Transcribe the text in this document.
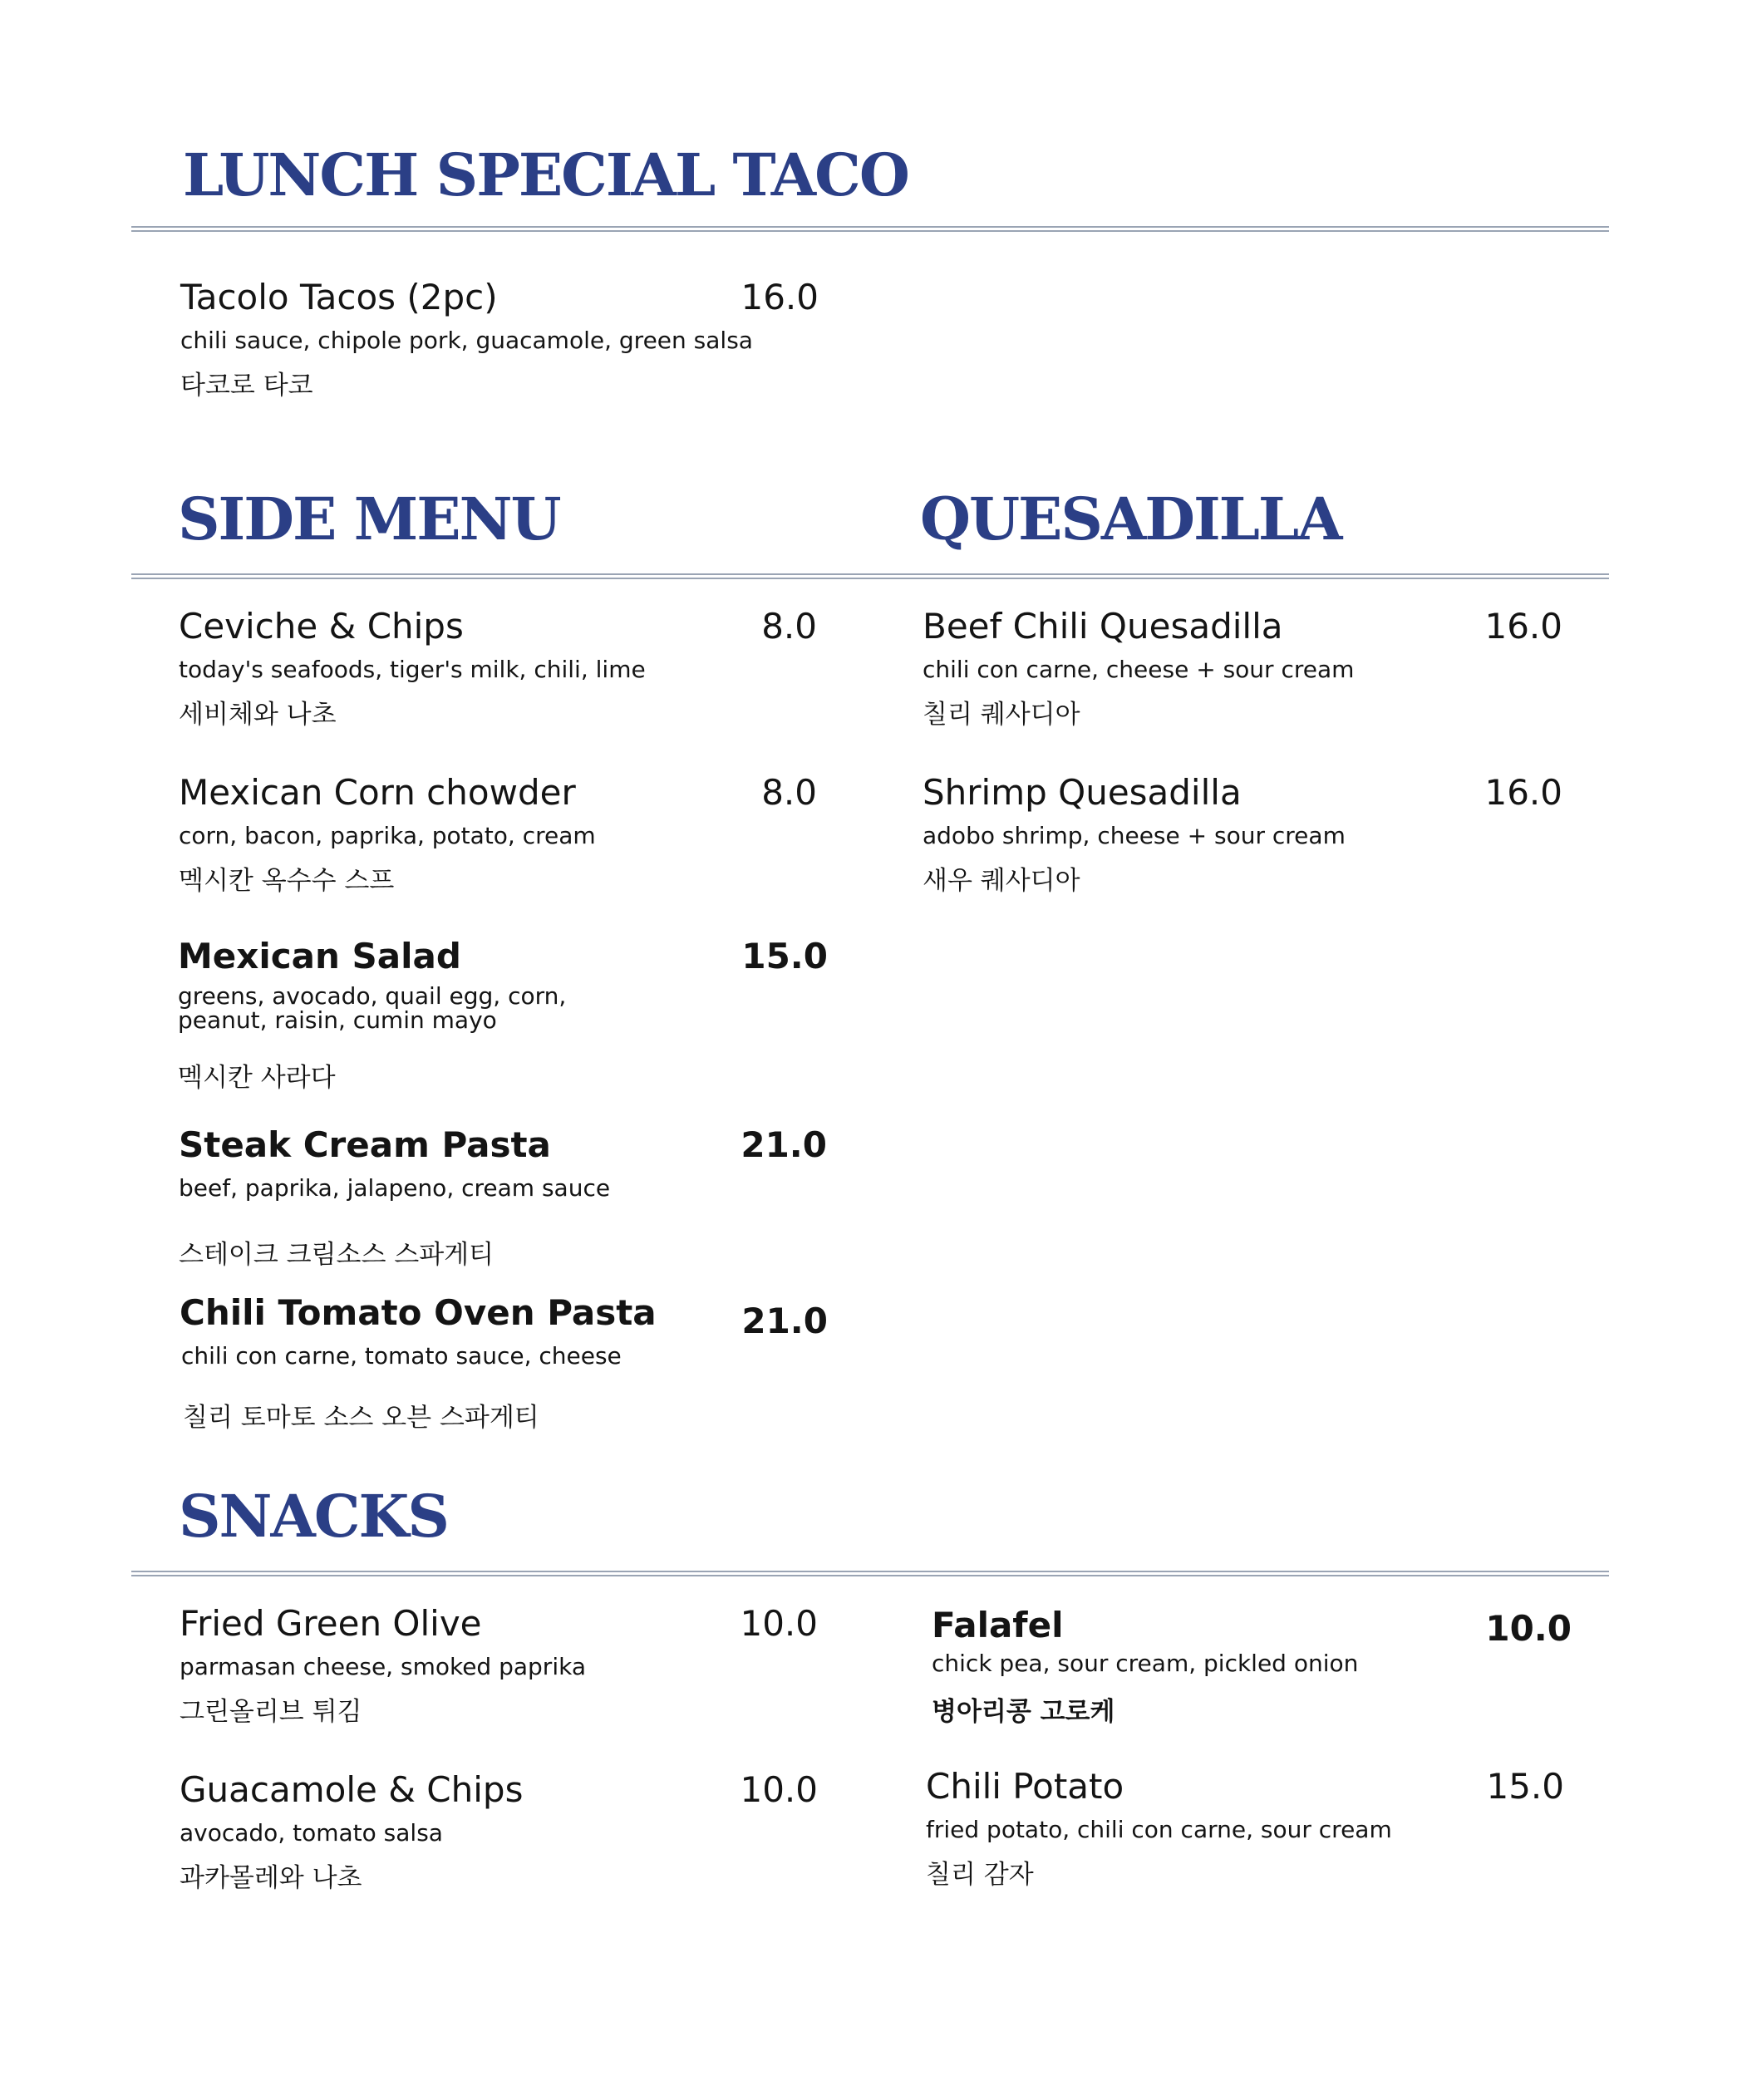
LUNCH SPECIAL TACO
Tacolo Tacos (2pc)	16.0
chili sauce, chipole pork, guacamole, green salsa
타코로 타코
SIDE MENU	QUESADILLA
Ceviche & Chips	8.0
today's seafoods, tiger's milk, chili, lime
세비체와 나초
Mexican Corn chowder	8.0
corn, bacon, paprika, potato, cream
멕시칸 옥수수 스프
Mexican Salad	15.0
greens, avocado, quail egg, corn,
peanut, raisin, cumin mayo
멕시칸 사라다
Steak Cream Pasta	21.0
beef, paprika, jalapeno, cream sauce
스테이크 크림소스 스파게티
Chili Tomato Oven Pasta 21.0
chili con carne, tomato sauce, cheese
칠리 토마토 소스 오븐 스파게티
Beef Chili Quesadilla	16.0
chili con carne, cheese + sour cream
칠리 퀘사디아
Shrimp Quesadilla	16.0
adobo shrimp, cheese + sour cream
새우 퀘사디아
SNACKS
Fried Green Olive	10.0
parmasan cheese, smoked paprika
그린올리브 튀김
Guacamole & Chips	10.0
avocado, tomato salsa
과카몰레와 나초
Falafel	10.0
chick pea, sour cream, pickled onion
병아리콩 고로케
Chili Potato	15.0
fried potato, chili con carne, sour cream
칠리 감자
